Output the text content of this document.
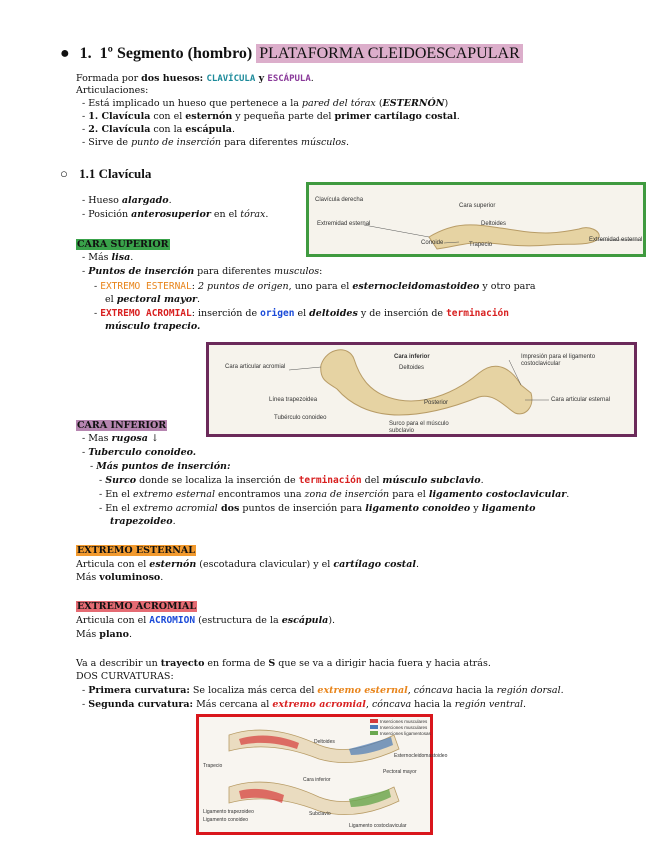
● 1. 1º Segmento (hombro) PLATAFORMA CLEIDOESCAPULAR
Formada por dos huesos: CLAVÍCULA y ESCÁPULA.
Articulaciones:
- Está implicado un hueso que pertenece a la pared del tórax (ESTERNÓN)
- 1. Clavícula con el esternón y pequeña parte del primer cartílago costal.
- 2. Clavícula con la escápula.
- Sirve de punto de inserción para diferentes músculos.
○ 1.1 Clavícula
- Hueso alargado.
- Posición anterosuperior en el tórax.
Clavícula derecha
Cara superior
Extremidad esternal	Deltoides
Conoide	Trapecio
Extremidad esternal
CARA SUPERIOR
- Más lisa.
- Puntos de inserción para diferentes musculos:
- EXTREMO ESTERNAL: 2 puntos de origen, uno para el esternocleidomastoideo y otro para
el pectoral mayor.
- EXTREMO ACROMIAL: inserción de origen el deltoides y de inserción de terminación
músculo trapecio.
Cara articular acromial
Cara inferior
Deltoides
Impresión para el ligamento costoclavicular
Línea trapezoidea	Posterior	Cara articular esternal
Tubérculo conoideo
Surco para el músculo subclavio
CARA INFERIOR
- Mas rugosa ↓
- Tuberculo conoideo.
- Más puntos de inserción:
- Surco donde se localiza la inserción de terminación del músculo subclavio.
- En el extremo esternal encontramos una zona de inserción para el ligamento costoclavicular.
- En el extremo acromial dos puntos de inserción para ligamento conoideo y ligamento
trapezoideo.
EXTREMO ESTERNAL
Articula con el esternón (escotadura clavicular) y el cartílago costal.
Más voluminoso.
EXTREMO ACROMIAL
Articula con el ACROMION (estructura de la escápula).
Más plano.
Va a describir un trayecto en forma de S que se va a dirigir hacia fuera y hacia atrás.
DOS CURVATURAS:
- Primera curvatura: Se localiza más cerca del extremo esternal, cóncava hacia la región dorsal.
- Segunda curvatura: Más cercana al extremo acromial, cóncava hacia la región ventral.
Inserciones musculares
Inserciones musculares
Inserciones ligamentosas
Deltoides
Esternocleidomastoideo
Trapecio
Pectoral mayor
Cara inferior
Ligamento trapezoideo
Ligamento conoideo
Subclavio
Ligamento costoclavicular
